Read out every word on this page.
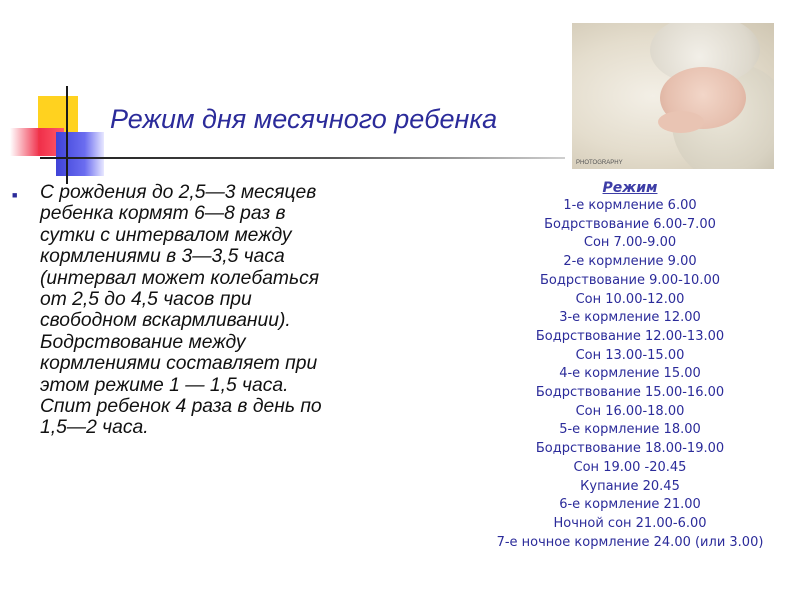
Режим дня месячного ребенка
PHOTOGRAPHY
■ С рождения до 2,5—3 месяцев ребенка кормят 6—8 раз в сутки с интервалом между кормлениями в 3—3,5 часа (интервал может колебаться от 2,5 до 4,5 часов при свободном вскармливании). Бодрствование между кормлениями составляет при этом режиме 1 — 1,5 часа. Спит ребенок 4 раза в день по 1,5—2 часа.

Режим
1-е кормление 6.00
Бодрствование 6.00-7.00
Сон 7.00-9.00
2-е кормление 9.00
Бодрствование 9.00-10.00
Сон 10.00-12.00
3-е кормление 12.00
Бодрствование 12.00-13.00
Сон 13.00-15.00
4-е кормление 15.00
Бодрствование 15.00-16.00
Сон 16.00-18.00
5-е кормление 18.00
Бодрствование 18.00-19.00
Сон 19.00 -20.45
Купание 20.45
6-е кормление 21.00
Ночной сон 21.00-6.00
7-е ночное кормление 24.00 (или 3.00)
